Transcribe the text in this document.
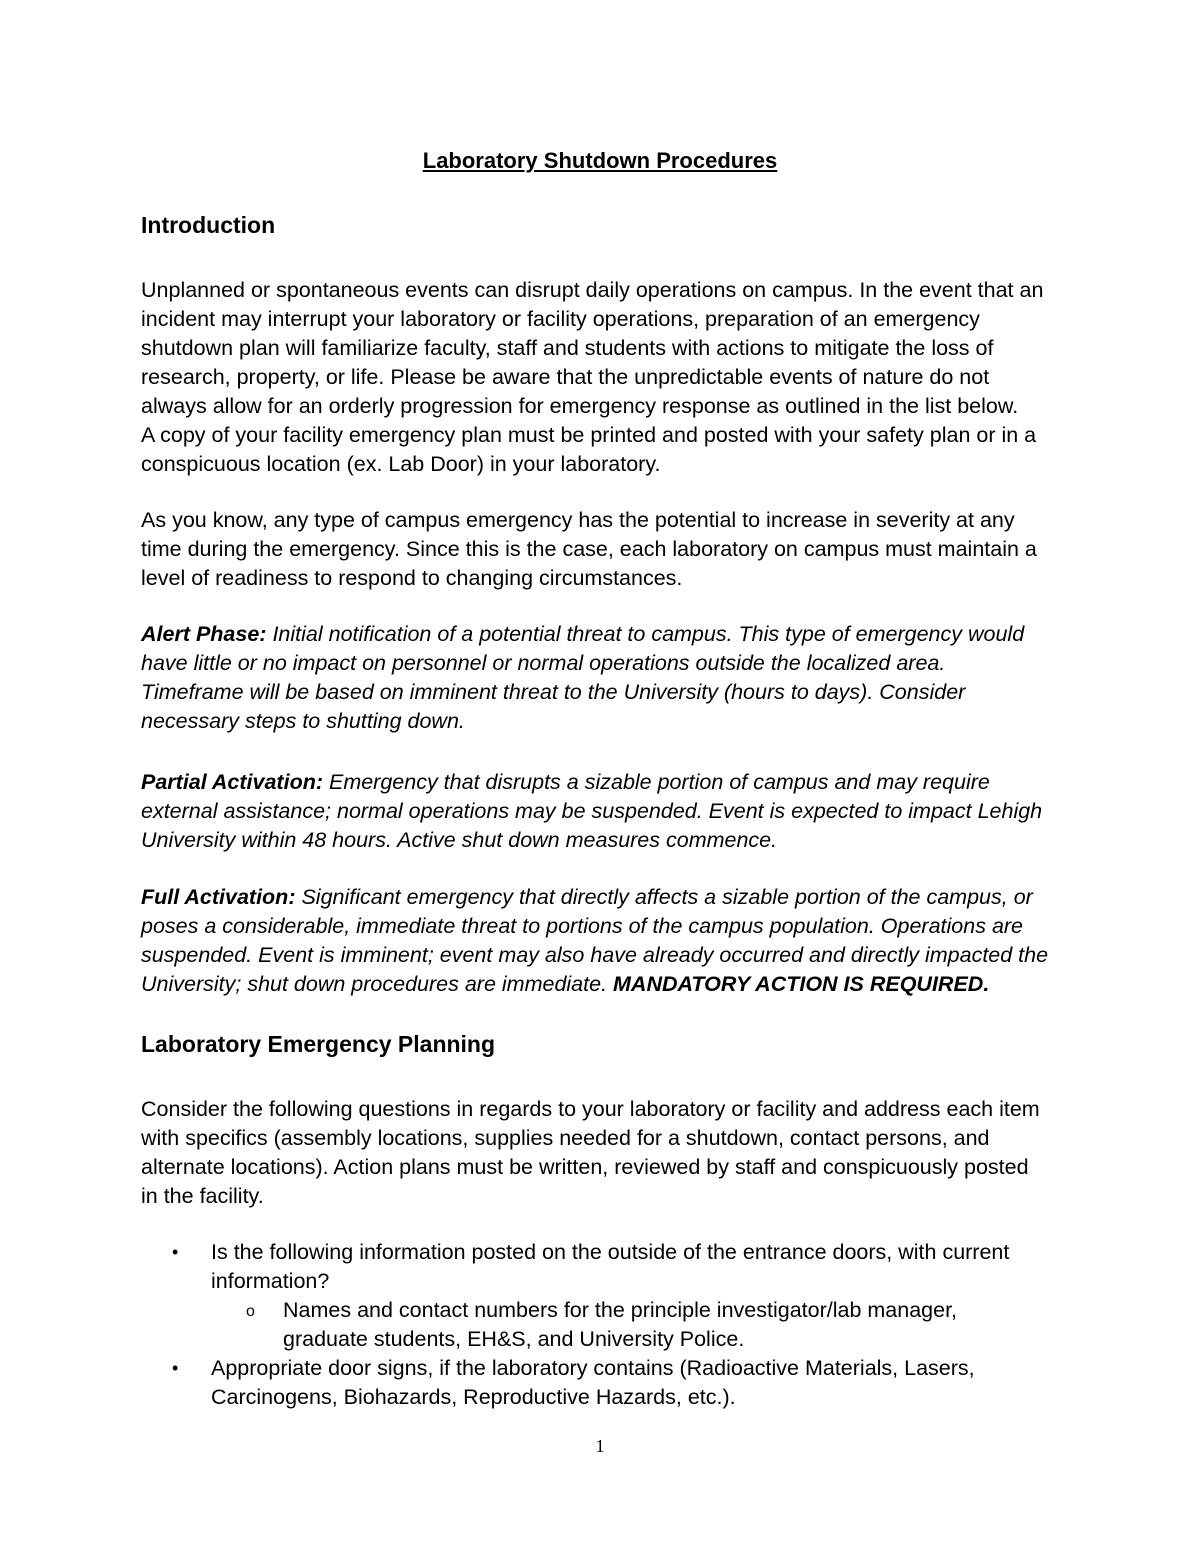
Laboratory Shutdown Procedures
Introduction
Unplanned or spontaneous events can disrupt daily operations on campus. In the event that an
incident may interrupt your laboratory or facility operations, preparation of an emergency
shutdown plan will familiarize faculty, staff and students with actions to mitigate the loss of
research, property, or life. Please be aware that the unpredictable events of nature do not
always allow for an orderly progression for emergency response as outlined in the list below.
A copy of your facility emergency plan must be printed and posted with your safety plan or in a
conspicuous location (ex. Lab Door) in your laboratory.
As you know, any type of campus emergency has the potential to increase in severity at any
time during the emergency. Since this is the case, each laboratory on campus must maintain a
level of readiness to respond to changing circumstances.
Alert Phase: Initial notification of a potential threat to campus. This type of emergency would
have little or no impact on personnel or normal operations outside the localized area.
Timeframe will be based on imminent threat to the University (hours to days). Consider
necessary steps to shutting down.
Partial Activation: Emergency that disrupts a sizable portion of campus and may require
external assistance; normal operations may be suspended. Event is expected to impact Lehigh
University within 48 hours. Active shut down measures commence.
Full Activation: Significant emergency that directly affects a sizable portion of the campus, or
poses a considerable, immediate threat to portions of the campus population. Operations are
suspended. Event is imminent; event may also have already occurred and directly impacted the
University; shut down procedures are immediate. MANDATORY ACTION IS REQUIRED.
Laboratory Emergency Planning
Consider the following questions in regards to your laboratory or facility and address each item
with specifics (assembly locations, supplies needed for a shutdown, contact persons, and
alternate locations). Action plans must be written, reviewed by staff and conspicuously posted
in the facility.
• Is the following information posted on the outside of the entrance doors, with current
information?
o Names and contact numbers for the principle investigator/lab manager,
graduate students, EH&S, and University Police.
• Appropriate door signs, if the laboratory contains (Radioactive Materials, Lasers,
Carcinogens, Biohazards, Reproductive Hazards, etc.).
1
